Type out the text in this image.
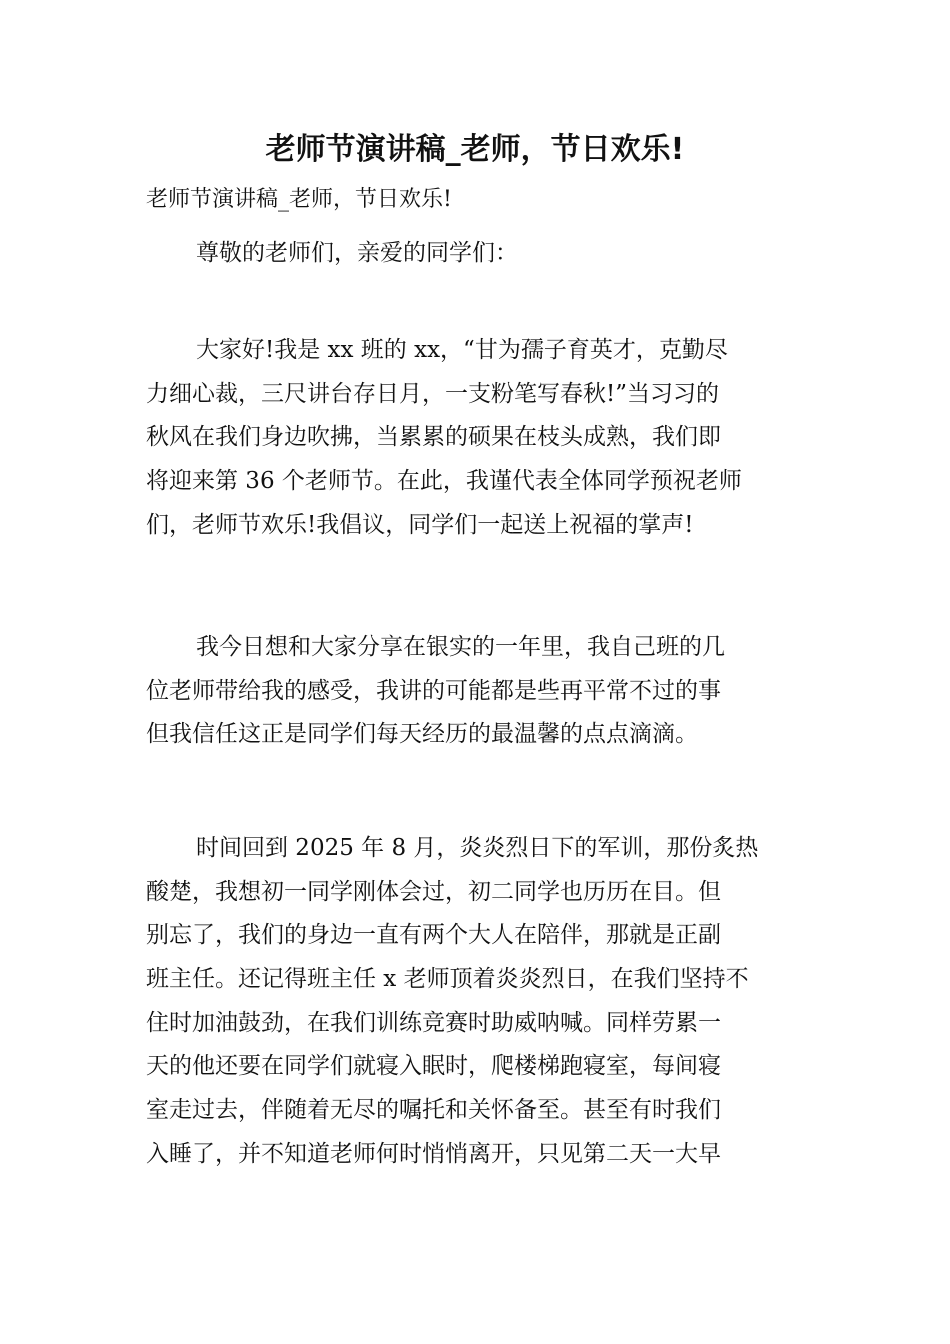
老师节演讲稿_老师，节日欢乐!

老师节演讲稿_老师，节日欢乐!

尊敬的老师们，亲爱的同学们：
大家好!我是 xx 班的 xx，“甘为孺子育英才，克勤尽
力细心裁，三尺讲台存日月，一支粉笔写春秋!”当习习的
秋风在我们身边吹拂，当累累的硕果在枝头成熟，我们即
将迎来第 36 个老师节。在此，我谨代表全体同学预祝老师
们，老师节欢乐!我倡议，同学们一起送上祝福的掌声!
我今日想和大家分享在银实的一年里，我自己班的几
位老师带给我的感受，我讲的可能都是些再平常不过的事
但我信任这正是同学们每天经历的最温馨的点点滴滴。
时间回到 2025 年 8 月，炎炎烈日下的军训，那份炙热
酸楚，我想初一同学刚体会过，初二同学也历历在目。但
别忘了，我们的身边一直有两个大人在陪伴，那就是正副
班主任。还记得班主任 x 老师顶着炎炎烈日，在我们坚持不
住时加油鼓劲，在我们训练竞赛时助威呐喊。同样劳累一
天的他还要在同学们就寝入眠时，爬楼梯跑寝室，每间寝
室走过去，伴随着无尽的嘱托和关怀备至。甚至有时我们
入睡了，并不知道老师何时悄悄离开，只见第二天一大早
